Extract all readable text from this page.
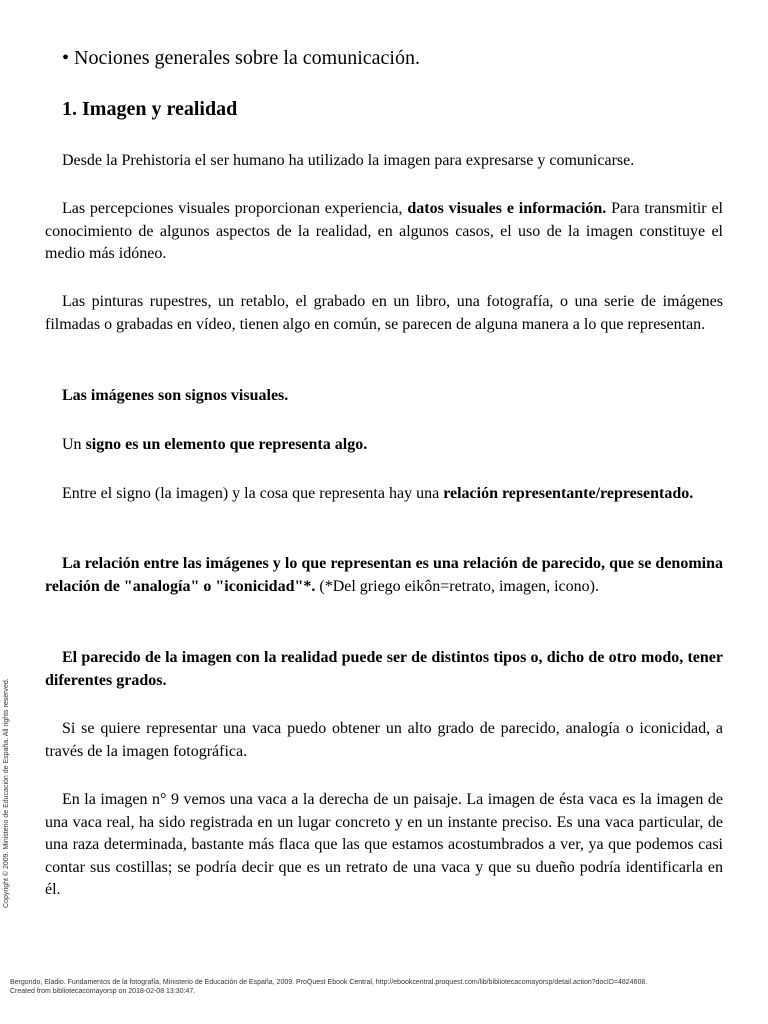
• Nociones generales sobre la comunicación.
1. Imagen y realidad

Desde la Prehistoria el ser humano ha utilizado la imagen para expresarse y comunicarse.

Las percepciones visuales proporcionan experiencia, datos visuales e información. Para transmitir el conocimiento de algunos aspectos de la realidad, en algunos casos, el uso de la imagen constituye el medio más idóneo.

Las pinturas rupestres, un retablo, el grabado en un libro, una fotografía, o una serie de imágenes filmadas o grabadas en vídeo, tienen algo en común, se parecen de alguna manera a lo que representan.

Las imágenes son signos visuales.

Un signo es un elemento que representa algo.

Entre el signo (la imagen) y la cosa que representa hay una relación representante/representado.

La relación entre las imágenes y lo que representan es una relación de parecido, que se denomina relación de "analogía" o "iconicidad"*. (*Del griego eikôn=retrato, imagen, icono).

El parecido de la imagen con la realidad puede ser de distintos tipos o, dicho de otro modo, tener diferentes grados.

Si se quiere representar una vaca puedo obtener un alto grado de parecido, analogía o iconicidad, a través de la imagen fotográfica.

En la imagen n° 9 vemos una vaca a la derecha de un paisaje. La imagen de ésta vaca es la imagen de una vaca real, ha sido registrada en un lugar concreto y en un instante preciso. Es una vaca particular, de una raza determinada, bastante más flaca que las que estamos acostumbrados a ver, ya que podemos casi contar sus costillas; se podría decir que es un retrato de una vaca y que su dueño podría identificarla en él.

Copyright © 2009. Ministerio de Educación de España. All rights reserved.
Bergondo, Eladio. Fundamentos de la fotografía, Ministerio de Educación de España, 2009. ProQuest Ebook Central, http://ebookcentral.proquest.com/lib/bibliotecacomayorsp/detail.action?docID=4824608.
Created from bibliotecacomayorsp on 2018-02-08 13:30:47.
